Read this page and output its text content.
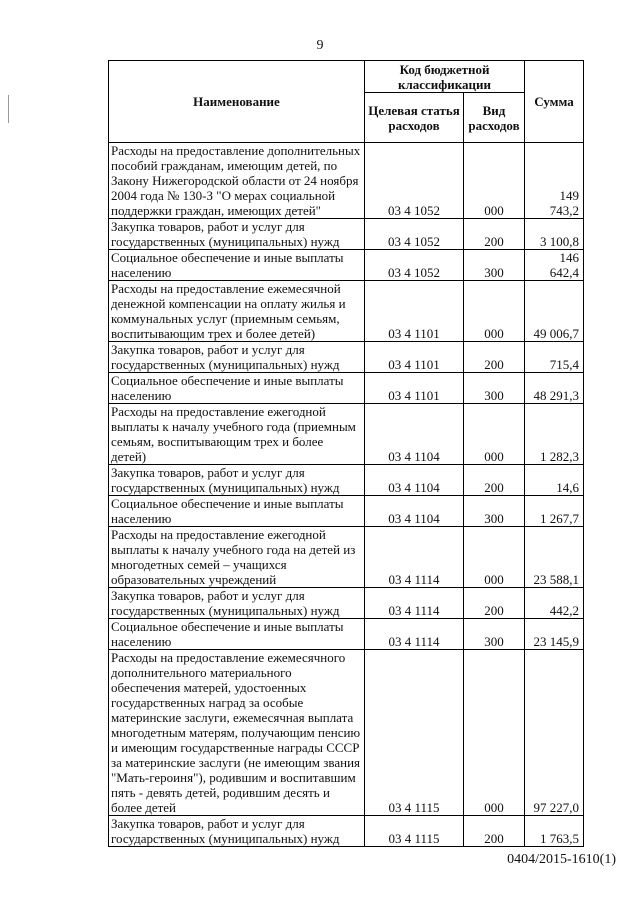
9
Наименование	Код бюджетной классификации		Сумма
	Целевая статья расходов	Вид расходов	
Расходы на предоставление дополнительных пособий гражданам, имеющим детей, по Закону Нижегородской области от 24 ноября 2004 года № 130-З "О мерах социальной поддержки граждан, имеющих детей"	03 4 1052	000	149 743,2
Закупка товаров, работ и услуг для государственных (муниципальных) нужд	03 4 1052	200	3 100,8
Социальное обеспечение и иные выплаты населению	03 4 1052	300	146 642,4
Расходы на предоставление ежемесячной денежной компенсации на оплату жилья и коммунальных услуг (приемным семьям, воспитывающим трех и более детей)	03 4 1101	000	49 006,7
Закупка товаров, работ и услуг для государственных (муниципальных) нужд	03 4 1101	200	715,4
Социальное обеспечение и иные выплаты населению	03 4 1101	300	48 291,3
Расходы на предоставление ежегодной выплаты к началу учебного года (приемным семьям, воспитывающим трех и более детей)	03 4 1104	000	1 282,3
Закупка товаров, работ и услуг для государственных (муниципальных) нужд	03 4 1104	200	14,6
Социальное обеспечение и иные выплаты населению	03 4 1104	300	1 267,7
Расходы на предоставление ежегодной выплаты к началу учебного года на детей из многодетных семей – учащихся образовательных учреждений	03 4 1114	000	23 588,1
Закупка товаров, работ и услуг для государственных (муниципальных) нужд	03 4 1114	200	442,2
Социальное обеспечение и иные выплаты населению	03 4 1114	300	23 145,9
Расходы на предоставление ежемесячного дополнительного материального обеспечения матерей, удостоенных государственных наград за особые материнские заслуги, ежемесячная выплата многодетным матерям, получающим пенсию и имеющим государственные награды СССР за материнские заслуги (не имеющим звания "Мать-героиня"), родившим и воспитавшим пять - девять детей, родившим десять и более детей	03 4 1115	000	97 227,0
Закупка товаров, работ и услуг для государственных (муниципальных) нужд	03 4 1115	200	1 763,5
0404/2015-1610(1)
